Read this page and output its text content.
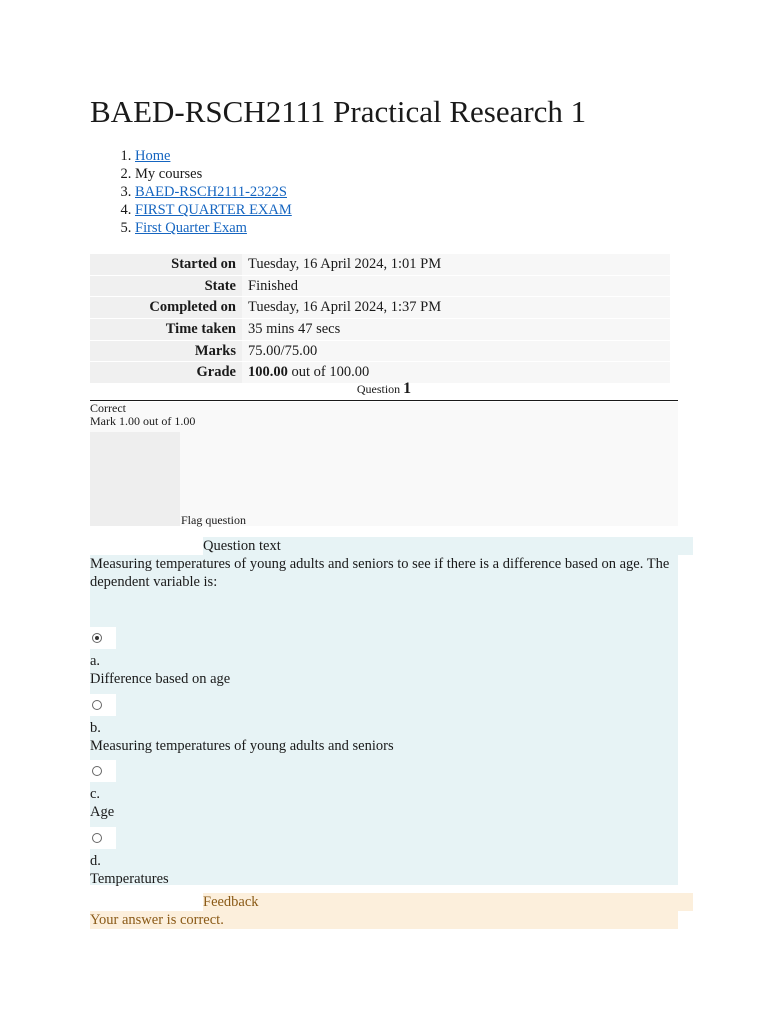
BAED-RSCH2111 Practical Research 1
1. Home
2. My courses
3. BAED-RSCH2111-2322S
4. FIRST QUARTER EXAM
5. First Quarter Exam
Started on	Tuesday, 16 April 2024, 1:01 PM
State	Finished
Completed on	Tuesday, 16 April 2024, 1:37 PM
Time taken	35 mins 47 secs
Marks	75.00/75.00
Grade	100.00 out of 100.00
Question 1
Correct
Mark 1.00 out of 1.00
Flag question
Question text
Measuring temperatures of young adults and seniors to see if there is a difference based on age. The dependent variable is:
a.
Difference based on age
b.
Measuring temperatures of young adults and seniors
c.
Age
d.
Temperatures
Feedback
Your answer is correct.
